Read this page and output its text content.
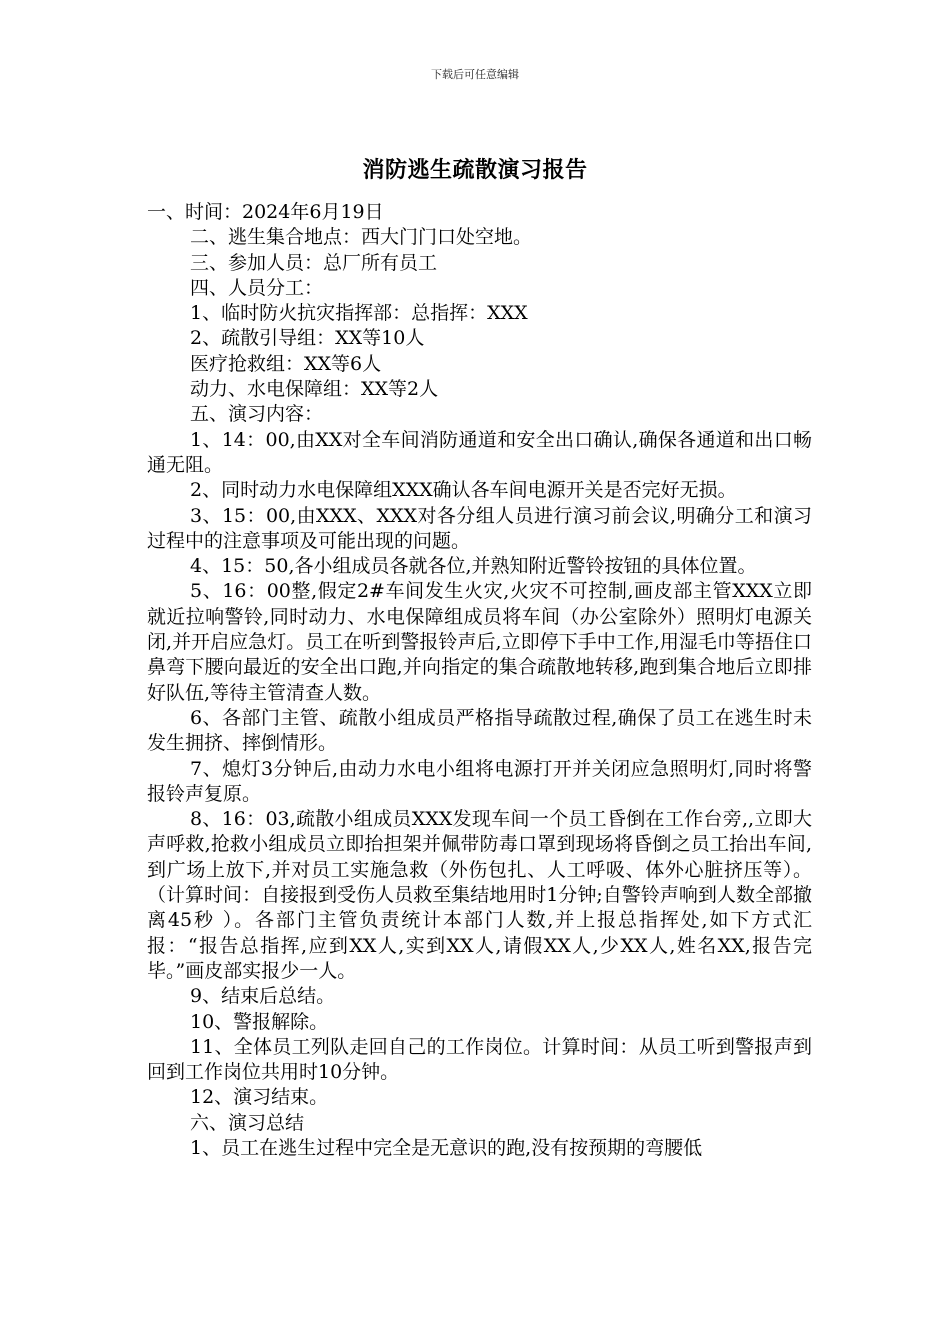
下载后可任意编辑
消防逃生疏散演习报告

一、时间：2024年6月19日

二、逃生集合地点：西大门门口处空地。

三、参加人员：总厂所有员工

四、人员分工：

1、临时防火抗灾指挥部：总指挥：XXX

2、疏散引导组：XX等10人

医疗抢救组：XX等6人

动力、水电保障组：XX等2人

五、演习内容：

1、14：00,由XX对全车间消防通道和安全出口确认,确保各通道和出口畅通无阻。

2、同时动力水电保障组XXX确认各车间电源开关是否完好无损。

3、15：00,由XXX、XXX对各分组人员进行演习前会议,明确分工和演习过程中的注意事项及可能出现的问题。

4、15：50,各小组成员各就各位,并熟知附近警铃按钮的具体位置。

5、16：00整,假定2#车间发生火灾,火灾不可控制,画皮部主管XXX立即就近拉响警铃,同时动力、水电保障组成员将车间（办公室除外）照明灯电源关闭,并开启应急灯。员工在听到警报铃声后,立即停下手中工作,用湿毛巾等捂住口鼻弯下腰向最近的安全出口跑,并向指定的集合疏散地转移,跑到集合地后立即排好队伍,等待主管清查人数。

6、各部门主管、疏散小组成员严格指导疏散过程,确保了员工在逃生时未发生拥挤、摔倒情形。

7、熄灯3分钟后,由动力水电小组将电源打开并关闭应急照明灯,同时将警报铃声复原。

8、16：03,疏散小组成员XXX发现车间一个员工昏倒在工作台旁,,立即大声呼救,抢救小组成员立即抬担架并佩带防毒口罩到现场将昏倒之员工抬出车间,到广场上放下,并对员工实施急救（外伤包扎、人工呼吸、体外心脏挤压等）。（计算时间：自接报到受伤人员救至集结地用时1分钟;自警铃声响到人数全部撤离45秒 ）。各部门主管负责统计本部门人数,并上报总指挥处,如下方式汇报：“报告总指挥,应到XX人,实到XX人,请假XX人,少XX人,姓名XX,报告完毕。”画皮部实报少一人。

9、结束后总结。

10、警报解除。

11、全体员工列队走回自己的工作岗位。计算时间：从员工听到警报声到回到工作岗位共用时10分钟。

12、演习结束。

六、演习总结

1、员工在逃生过程中完全是无意识的跑,没有按预期的弯腰低
